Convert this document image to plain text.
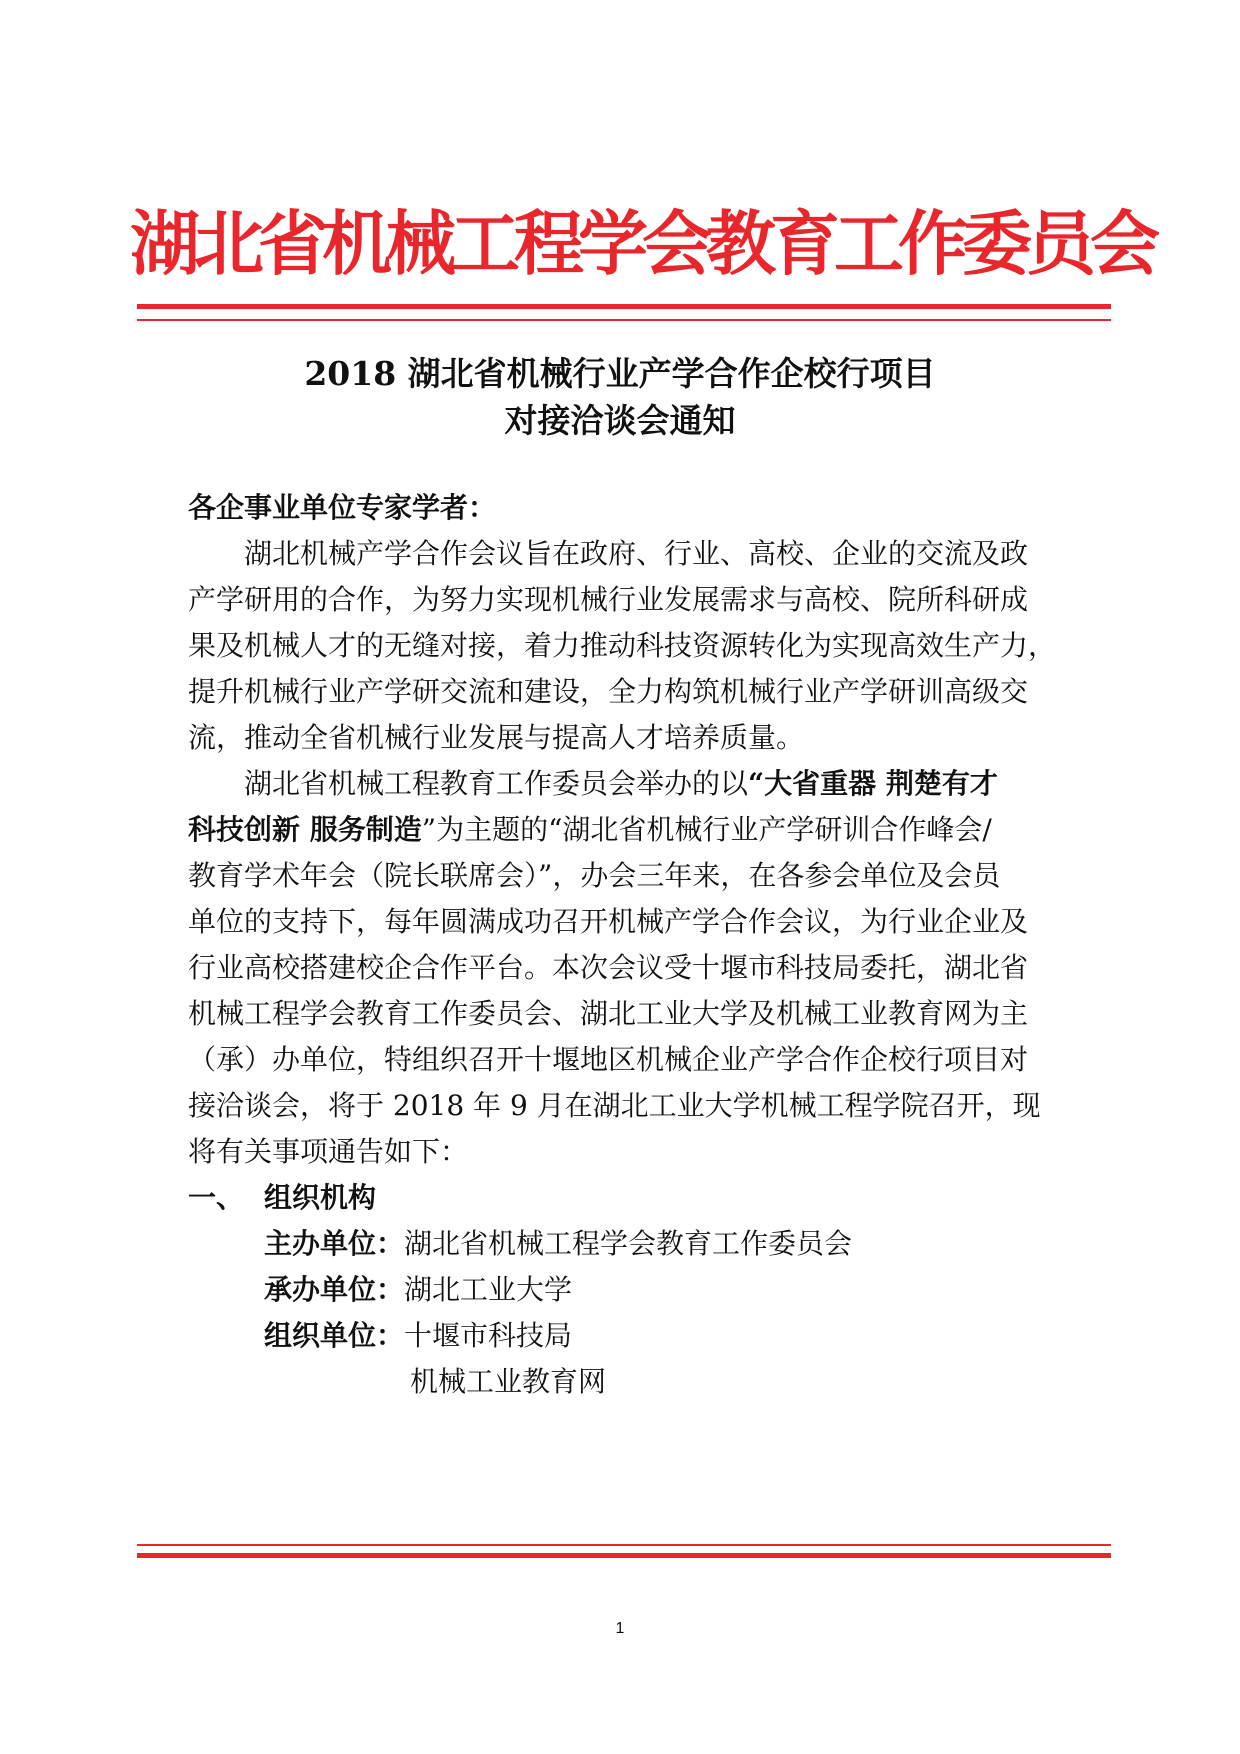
湖北省机械工程学会教育工作委员会
2018 湖北省机械行业产学合作企校行项目
对接洽谈会通知
各企事业单位专家学者：
湖北机械产学合作会议旨在政府、行业、高校、企业的交流及政
产学研用的合作，为努力实现机械行业发展需求与高校、院所科研成
果及机械人才的无缝对接，着力推动科技资源转化为实现高效生产力，
提升机械行业产学研交流和建设，全力构筑机械行业产学研训高级交
流，推动全省机械行业发展与提高人才培养质量。
湖北省机械工程教育工作委员会举办的以“大省重器 荆楚有才
科技创新 服务制造”为主题的“湖北省机械行业产学研训合作峰会/
教育学术年会（院长联席会）”，办会三年来，在各参会单位及会员
单位的支持下，每年圆满成功召开机械产学合作会议，为行业企业及
行业高校搭建校企合作平台。本次会议受十堰市科技局委托，湖北省
机械工程学会教育工作委员会、湖北工业大学及机械工业教育网为主
（承）办单位，特组织召开十堰地区机械企业产学合作企校行项目对
接洽谈会，将于 2018 年 9 月在湖北工业大学机械工程学院召开，现
将有关事项通告如下：
一、 组织机构
主办单位：湖北省机械工程学会教育工作委员会
承办单位：湖北工业大学
组织单位：十堰市科技局
机械工业教育网
1
